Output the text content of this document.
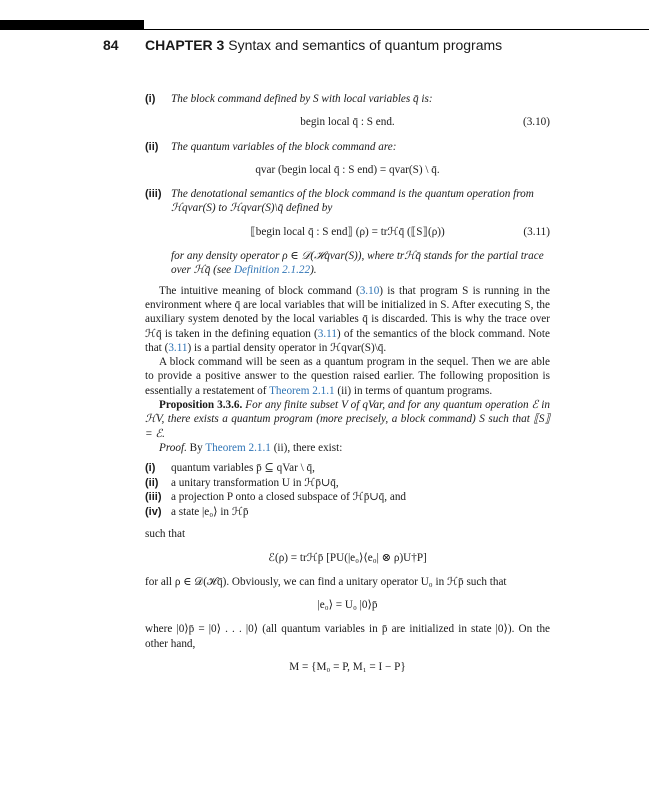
84 CHAPTER 3 Syntax and semantics of quantum programs
(i)	The block command defined by S with local variables q̄ is:
begin local q̄ : S end.	(3.10)
(ii)	The quantum variables of the block command are:
qvar (begin local q̄ : S end) = qvar(S) \ q̄.
(iii) The denotational semantics of the block command is the quantum operation from ℋqvar(S) to ℋqvar(S)\q̄ defined by
⟦begin local q̄ : S end⟧ (ρ) = trℋq̄ (⟦S⟧(ρ))	(3.11)
for any density operator ρ ∈ 𝒟(ℋqvar(S)), where trℋq̄ stands for the partial trace over ℋq̄ (see Definition 2.1.22).

The intuitive meaning of block command (3.10) is that program S is running in the environment where q̄ are local variables that will be initialized in S. After executing S, the auxiliary system denoted by the local variables q̄ is discarded. This is why the trace over ℋq̄ is taken in the defining equation (3.11) of the semantics of the block command. Note that (3.11) is a partial density operator in ℋqvar(S)\q̄.

A block command will be seen as a quantum program in the sequel. Then we are able to provide a positive answer to the question raised earlier. The following proposition is essentially a restatement of Theorem 2.1.1 (ii) in terms of quantum programs.

Proposition 3.3.6. For any finite subset V of qVar, and for any quantum operation ℰ in ℋV, there exists a quantum program (more precisely, a block command) S such that ⟦S⟧ = ℰ.

Proof. By Theorem 2.1.1 (ii), there exist:

(i)	quantum variables p̄ ⊆ qVar \ q̄,
(ii)	a unitary transformation U in ℋp̄∪q̄,
(iii) a projection P onto a closed subspace of ℋp̄∪q̄, and
(iv) a state |e₀⟩ in ℋp̄

such that

ℰ(ρ) = trℋp̄ [PU(|e₀⟩⟨e₀| ⊗ ρ)U†P]

for all ρ ∈ 𝒟(ℋq̄). Obviously, we can find a unitary operator U₀ in ℋp̄ such that

|e₀⟩ = U₀ |0⟩p̄

where |0⟩p̄ = |0⟩ . . . |0⟩ (all quantum variables in p̄ are initialized in state |0⟩). On the other hand,

M = {M₀ = P, M₁ = I − P}
